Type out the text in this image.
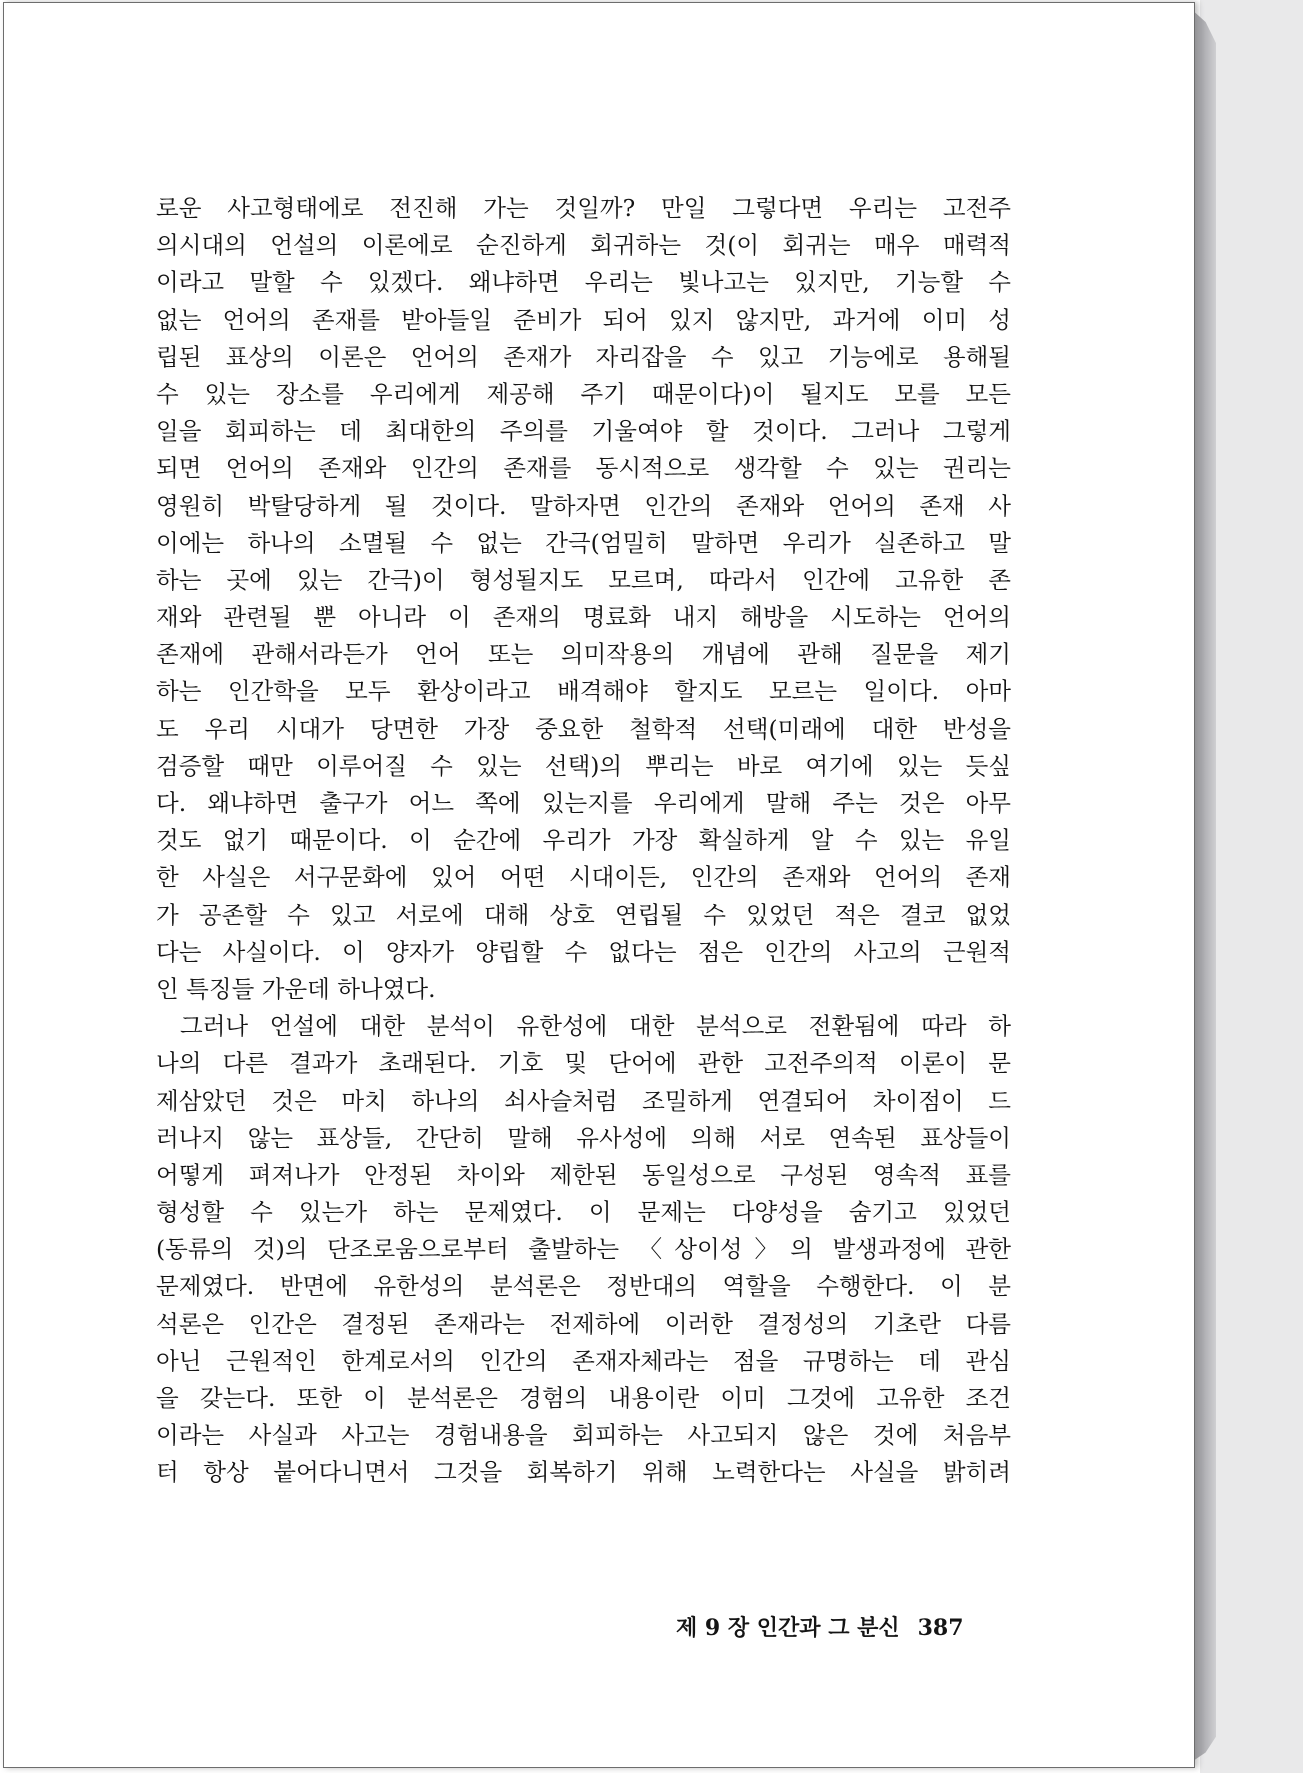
로운 사고형태에로 전진해 가는 것일까? 만일 그렇다면 우리는 고전주
의시대의 언설의 이론에로 순진하게 회귀하는 것(이 회귀는 매우 매력적
이라고 말할 수 있겠다. 왜냐하면 우리는 빛나고는 있지만, 기능할 수
없는 언어의 존재를 받아들일 준비가 되어 있지 않지만, 과거에 이미 성
립된 표상의 이론은 언어의 존재가 자리잡을 수 있고 기능에로 용해될
수 있는 장소를 우리에게 제공해 주기 때문이다)이 될지도 모를 모든
일을 회피하는 데 최대한의 주의를 기울여야 할 것이다. 그러나 그렇게
되면 언어의 존재와 인간의 존재를 동시적으로 생각할 수 있는 권리는
영원히 박탈당하게 될 것이다. 말하자면 인간의 존재와 언어의 존재 사
이에는 하나의 소멸될 수 없는 간극(엄밀히 말하면 우리가 실존하고 말
하는 곳에 있는 간극)이 형성될지도 모르며, 따라서 인간에 고유한 존
재와 관련될 뿐 아니라 이 존재의 명료화 내지 해방을 시도하는 언어의
존재에 관해서라든가 언어 또는 의미작용의 개념에 관해 질문을 제기
하는 인간학을 모두 환상이라고 배격해야 할지도 모르는 일이다. 아마
도 우리 시대가 당면한 가장 중요한 철학적 선택(미래에 대한 반성을
검증할 때만 이루어질 수 있는 선택)의 뿌리는 바로 여기에 있는 듯싶
다. 왜냐하면 출구가 어느 쪽에 있는지를 우리에게 말해 주는 것은 아무
것도 없기 때문이다. 이 순간에 우리가 가장 확실하게 알 수 있는 유일
한 사실은 서구문화에 있어 어떤 시대이든, 인간의 존재와 언어의 존재
가 공존할 수 있고 서로에 대해 상호 연립될 수 있었던 적은 결코 없었
다는 사실이다. 이 양자가 양립할 수 없다는 점은 인간의 사고의 근원적
인 특징들 가운데 하나였다.
그러나 언설에 대한 분석이 유한성에 대한 분석으로 전환됨에 따라 하
나의 다른 결과가 초래된다. 기호 및 단어에 관한 고전주의적 이론이 문
제삼았던 것은 마치 하나의 쇠사슬처럼 조밀하게 연결되어 차이점이 드
러나지 않는 표상들, 간단히 말해 유사성에 의해 서로 연속된 표상들이
어떻게 펴져나가 안정된 차이와 제한된 동일성으로 구성된 영속적 표를
형성할 수 있는가 하는 문제였다. 이 문제는 다양성을 숨기고 있었던
(동류의 것)의 단조로움으로부터 출발하는 〈상이성〉의 발생과정에 관한
문제였다. 반면에 유한성의 분석론은 정반대의 역할을 수행한다. 이 분
석론은 인간은 결정된 존재라는 전제하에 이러한 결정성의 기초란 다름
아닌 근원적인 한계로서의 인간의 존재자체라는 점을 규명하는 데 관심
을 갖는다. 또한 이 분석론은 경험의 내용이란 이미 그것에 고유한 조건
이라는 사실과 사고는 경험내용을 회피하는 사고되지 않은 것에 처음부
터 항상 붙어다니면서 그것을 회복하기 위해 노력한다는 사실을 밝히려
제 9 장 인간과 그 분신 387
